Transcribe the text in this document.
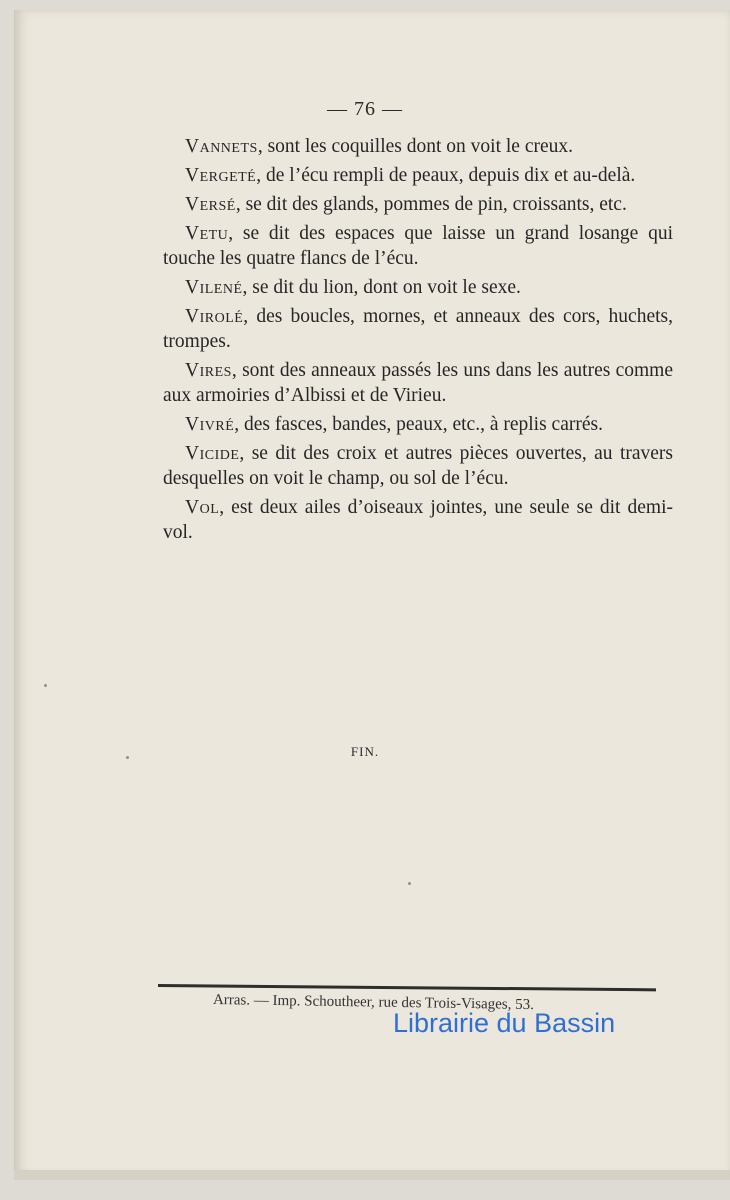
— 76 —

Vannets, sont les coquilles dont on voit le creux.

Vergeté, de l’écu rempli de peaux, depuis dix et au-delà.

Versé, se dit des glands, pommes de pin, croissants, etc.

Vetu, se dit des espaces que laisse un grand losange qui touche les quatre flancs de l’écu.

Vilené, se dit du lion, dont on voit le sexe.

Virolé, des boucles, mornes, et anneaux des cors, huchets, trompes.

Vires, sont des anneaux passés les uns dans les autres comme aux armoiries d’Albissi et de Virieu.

Vivré, des fasces, bandes, peaux, etc., à replis carrés.

Vicide, se dit des croix et autres pièces ouvertes, au travers desquelles on voit le champ, ou sol de l’écu.

Vol, est deux ailes d’oiseaux jointes, une seule se dit demi-vol.

FIN.
Arras. — Imp. Schoutheer, rue des Trois-Visages, 53.
Librairie du Bassin
